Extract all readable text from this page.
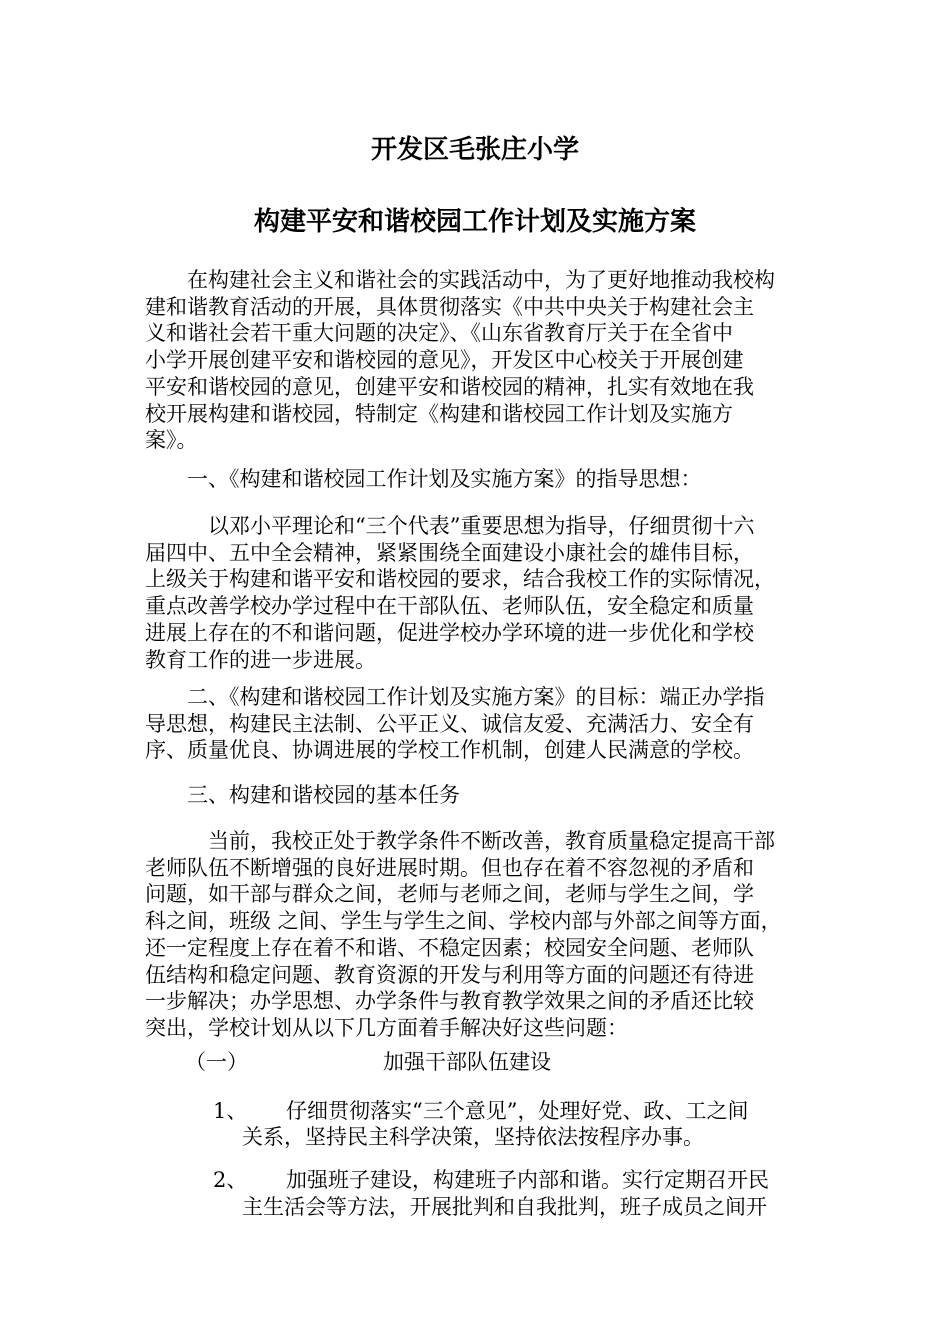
开发区毛张庄小学
构建平安和谐校园工作计划及实施方案
　　在构建社会主义和谐社会的实践活动中，为了更好地推动我校构
建和谐教育活动的开展，具体贯彻落实《中共中央关于构建社会主
义和谐社会若干重大问题的决定》、《山东省教育厅关于在全省中
小学开展创建平安和谐校园的意见》，开发区中心校关于开展创建
平安和谐校园的意见，创建平安和谐校园的精神，扎实有效地在我
校开展构建和谐校园，特制定《构建和谐校园工作计划及实施方
案》。

　　一、《构建和谐校园工作计划及实施方案》的指导思想：

　　　以邓小平理论和“三个代表”重要思想为指导，仔细贯彻十六
届四中、五中全会精神，紧紧围绕全面建设小康社会的雄伟目标，
上级关于构建和谐平安和谐校园的要求，结合我校工作的实际情况，
重点改善学校办学过程中在干部队伍、老师队伍，安全稳定和质量
进展上存在的不和谐问题，促进学校办学环境的进一步优化和学校
教育工作的进一步进展。
　　二、《构建和谐校园工作计划及实施方案》的目标：端正办学指
导思想，构建民主法制、公平正义、诚信友爱、充满活力、安全有
序、质量优良、协调进展的学校工作机制，创建人民满意的学校。

　　三、构建和谐校园的基本任务

　　　当前，我校正处于教学条件不断改善，教育质量稳定提高干部
老师队伍不断增强的良好进展时期。但也存在着不容忽视的矛盾和
问题，如干部与群众之间，老师与老师之间，老师与学生之间，学
科之间，班级 之间、学生与学生之间、学校内部与外部之间等方面，
还一定程度上存在着不和谐、不稳定因素；校园安全问题、老师队
伍结构和稳定问题、教育资源的开发与利用等方面的问题还有待进
一步解决；办学思想、办学条件与教育教学效果之间的矛盾还比较
突出，学校计划从以下几方面着手解决好这些问题：
（一）	加强干部队伍建设
1、 仔细贯彻落实“三个意见”，处理好党、政、工之间
关系，坚持民主科学决策，坚持依法按程序办事。
2、 加强班子建设，构建班子内部和谐。实行定期召开民
主生活会等方法，开展批判和自我批判，班子成员之间开
